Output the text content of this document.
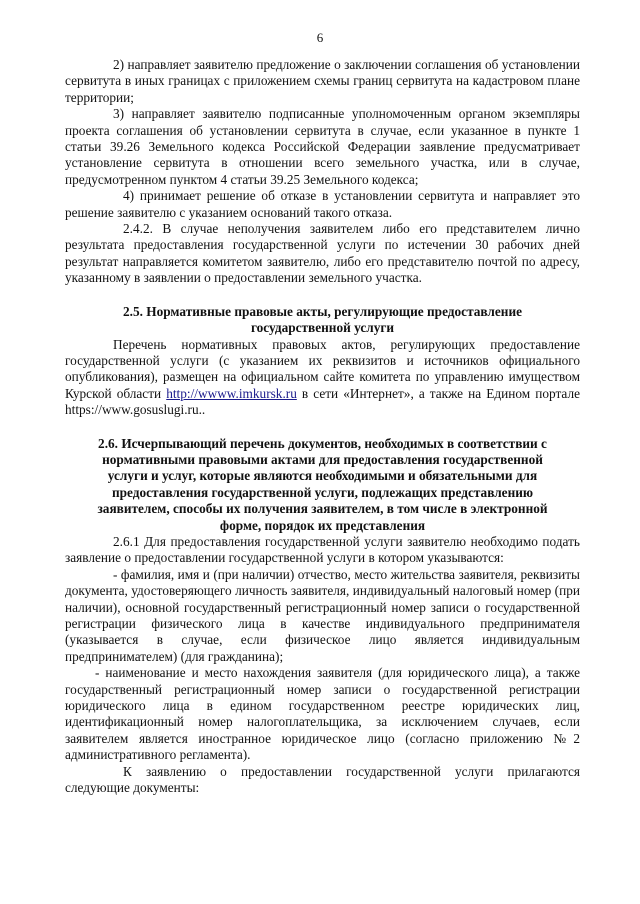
6

2) направляет заявителю предложение о заключении соглашения об установлении сервитута в иных границах с приложением схемы границ сервитута на кадастровом плане территории;

3) направляет заявителю подписанные уполномоченным органом экземпляры проекта соглашения об установлении сервитута в случае, если указанное в пункте 1 статьи 39.26 Земельного кодекса Российской Федерации заявление предусматривает установление сервитута в отношении всего земельного участка, или в случае, предусмотренном пунктом 4 статьи 39.25 Земельного кодекса;

4) принимает решение об отказе в установлении сервитута и направляет это решение заявителю с указанием оснований такого отказа.

2.4.2. В случае неполучения заявителем либо его представителем лично результата предоставления государственной услуги по истечении 30 рабочих дней результат направляется комитетом заявителю, либо его представителю почтой по адресу, указанному в заявлении о предоставлении земельного участка.

2.5. Нормативные правовые акты, регулирующие предоставление

государственной услуги

Перечень нормативных правовых актов, регулирующих предоставление государственной услуги (с указанием их реквизитов и источников официального опубликования), размещен на официальном сайте комитета по управлению имуществом Курской области http://wwww.imkursk.ru в сети «Интернет», а также на Едином портале https://www.gosuslugi.ru..

2.6. Исчерпывающий перечень документов, необходимых в соответствии с

нормативными правовыми актами для предоставления государственной

услуги и услуг, которые являются необходимыми и обязательными для

предоставления государственной услуги, подлежащих представлению

заявителем, способы их получения заявителем, в том числе в электронной

форме, порядок их представления

2.6.1 Для предоставления государственной услуги заявителю необходимо подать заявление о предоставлении государственной услуги в котором указываются:

- фамилия, имя и (при наличии) отчество, место жительства заявителя, реквизиты документа, удостоверяющего личность заявителя, индивидуальный налоговый номер (при наличии), основной государственный регистрационный номер записи о государственной регистрации физического лица в качестве индивидуального предпринимателя (указывается в случае, если физическое лицо является индивидуальным предпринимателем) (для гражданина);

- наименование и место нахождения заявителя (для юридического лица), а также государственный регистрационный номер записи о государственной регистрации юридического лица в едином государственном реестре юридических лиц, идентификационный номер налогоплательщика, за исключением случаев, если заявителем является иностранное юридическое лицо (согласно приложению №2 административного регламента).

К заявлению о предоставлении государственной услуги прилагаются следующие документы:
